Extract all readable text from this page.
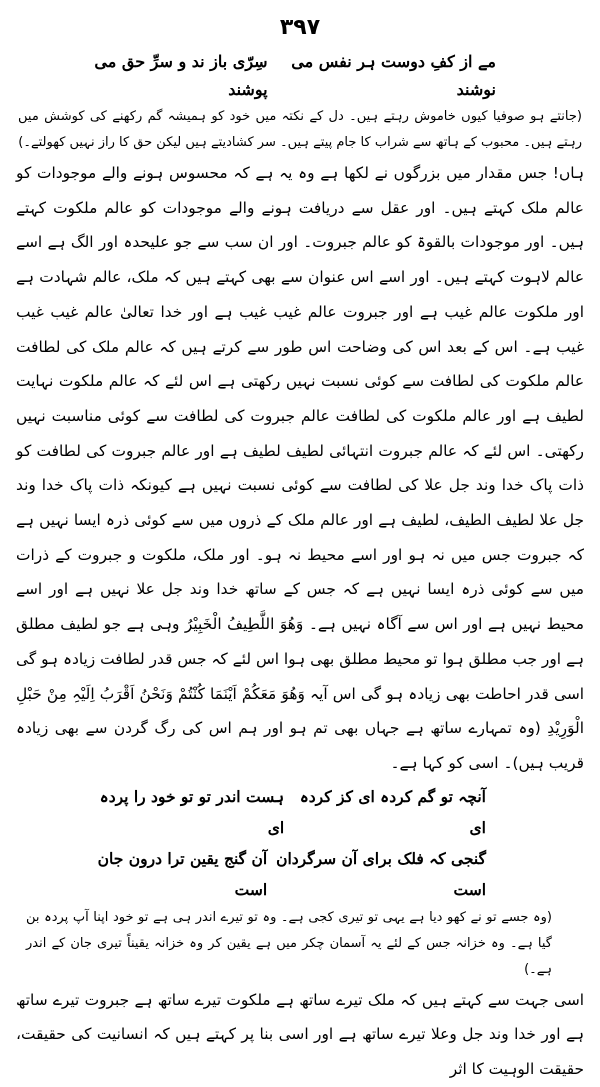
۳۹۷
مے از کفِ دوست ہر نفس می نوشند
سِرّی باز ند و سرِّ حق می پوشند

(جانتے ہو صوفیا کیوں خاموش رہتے ہیں۔ دل کے نکتہ میں خود کو ہمیشہ گم رکھنے کی کوشش میں رہتے ہیں۔ محبوب کے ہاتھ سے شراب کا جام پیتے ہیں۔ سر کشادیتے ہیں لیکن حق کا راز نہیں کھولتے۔)

ہاں! جس مقدار میں بزرگوں نے لکھا ہے وہ یہ ہے کہ محسوس ہونے والے موجودات کو عالم ملک کہتے ہیں۔ اور عقل سے دریافت ہونے والے موجودات کو عالم ملکوت کہتے ہیں۔ اور موجودات بالقوۃ کو عالم جبروت۔ اور ان سب سے جو علیحدہ اور الگ ہے اسے عالم لاہوت کہتے ہیں۔ اور اسے اس عنوان سے بھی کہتے ہیں کہ ملک، عالم شہادت ہے اور ملکوت عالم غیب ہے اور جبروت عالم غیب غیب ہے اور خدا تعالیٰ عالم غیب غیب غیب ہے۔ اس کے بعد اس کی وضاحت اس طور سے کرتے ہیں کہ عالم ملک کی لطافت عالم ملکوت کی لطافت سے کوئی نسبت نہیں رکھتی ہے اس لئے کہ عالم ملکوت نہایت لطیف ہے اور عالم ملکوت کی لطافت عالم جبروت کی لطافت سے کوئی مناسبت نہیں رکھتی۔ اس لئے کہ عالم جبروت انتہائی لطیف لطیف ہے اور عالم جبروت کی لطافت کو ذات پاک خدا وند جل علا کی لطافت سے کوئی نسبت نہیں ہے کیونکہ ذات پاک خدا وند جل علا لطیف الطیف، لطیف ہے اور عالم ملک کے ذروں میں سے کوئی ذرہ ایسا نہیں ہے کہ جبروت جس میں نہ ہو اور اسے محیط نہ ہو۔ اور ملک، ملکوت و جبروت کے ذرات میں سے کوئی ذرہ ایسا نہیں ہے کہ جس کے ساتھ خدا وند جل علا نہیں ہے اور اسے محیط نہیں ہے اور اس سے آگاہ نہیں ہے۔ وَھُوَ اللَّطِیفُ الْخَبِیْرُ وہی ہے جو لطیف مطلق ہے اور جب مطلق ہوا تو محیط مطلق بھی ہوا اس لئے کہ جس قدر لطافت زیادہ ہو گی اسی قدر احاطت بھی زیادہ ہو گی اس آیہ وَھُوَ مَعَکُمْ اَیْنَمَا کُنْتُمْ وَنَحْنُ اَقْرَبُ اِلَیْہِ مِنْ حَبْلِ الْوَرِیْدِ (وہ تمہارے ساتھ ہے جہاں بھی تم ہو اور ہم اس کی رگ گردن سے بھی زیادہ قریب ہیں)۔ اسی کو کہا ہے۔

آنچہ تو گم کردہ ای کز کردہ ای
ہست اندر تو تو خود را پردہ ای
گنجی کہ فلک برای آن سرگردان است
آن گنج یقین ترا درون جان است

(وہ جسے تو نے کھو دیا ہے یہی تو تیری کجی ہے۔ وہ تو تیرے اندر ہی ہے تو خود اپنا آپ پردہ بن گیا ہے۔ وہ خزانہ جس کے لئے یہ آسمان چکر میں ہے یقین کر وہ خزانہ یقیناً تیری جان کے اندر ہے۔)

اسی جہت سے کہتے ہیں کہ ملک تیرے ساتھ ہے ملکوت تیرے ساتھ ہے جبروت تیرے ساتھ ہے اور خدا وند جل وعلا تیرے ساتھ ہے اور اسی بنا پر کہتے ہیں کہ انسانیت کی حقیقت، حقیقت الوہیت کا اثر
